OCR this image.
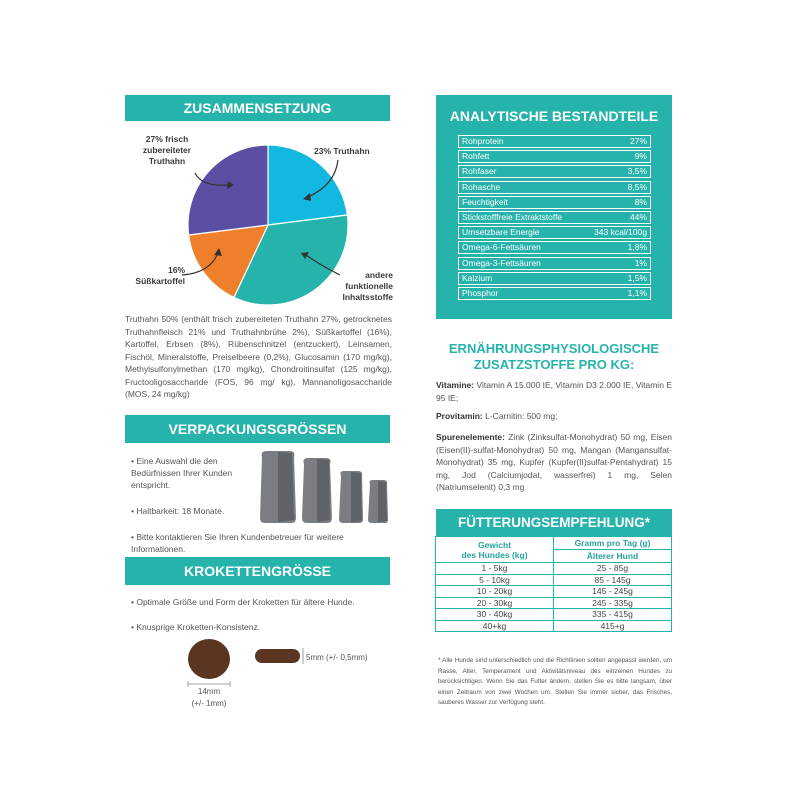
ZUSAMMENSETZUNG
27% frisch
zubereiteter
Truthahn
23% Truthahn
16%
Süßkartoffel
andere
funktionelle
Inhaltsstoffe
Truthahn 50% (enthält frisch zubereiteten Truthahn 27%, getrocknetes Truthahnfleisch 21% und Truthahnbrühe 2%), Süßkartoffel (16%), Kartoffel, Erbsen (8%), Rübenschnitzel (entzuckert), Leinsamen, Fischöl, Mineralstoffe, Preiselbeere (0,2%), Glucosamin (170 mg/kg), Methylsulfonylmethan (170 mg/kg), Chondroitinsulfat (125 mg/kg), Fructooligosaccharide (FOS, 96 mg/ kg), Mannanoligosaccharide (MOS, 24 mg/kg)
VERPACKUNGSGRÖSSEN
• Eine Auswahl die den Bedürfnissen Ihrer Kunden entspricht.
• Haltbarkeit: 18 Monate.
• Bitte kontaktieren Sie Ihren Kundenbetreuer für weitere Informationen.
KROKETTENGRÖSSE
• Optimale Größe und Form der Kroketten für ältere Hunde.
• Knusprige Kroketten-Konsistenz.
5mm (+/- 0,5mm)
14mm
(+/- 1mm)
ANALYTISCHE BESTANDTEILE
Rohprotein	27%
Rohfett	9%
Rohfaser	3,5%
Rohasche	8,5%
Feuchtigkeit	8%
Stickstofffreie Extraktstoffe	44%
Umsetzbare Energie	343 kcal/100g
Omega-6-Fettsäuren	1,8%
Omega-3-Fettsäuren	1%
Kalzium	1,5%
Phosphor	1,1%
ERNÄHRUNGSPHYSIOLOGISCHE
ZUSATZSTOFFE PRO KG:
Vitamine: Vitamin A 15.000 IE, Vitamin D3 2.000 IE, Vitamin E 95 IE;
Provitamin: L-Carnitin: 500 mg;
Spurenelemente: Zink (Zinksulfat-Monohydrat) 50 mg, Eisen (Eisen(II)-sulfat-Monohydrat) 50 mg, Mangan (Mangansulfat-Monohydrat) 35 mg, Kupfer (Kupfer(II)sulfat-Pentahydrat) 15 mg, Jod (Calciumjodat, wasserfrei) 1 mg, Selen (Natriumselenit) 0,3 mg
FÜTTERUNGSEMPFEHLUNG*
Gewicht
des Hundes (kg)	Gramm pro Tag (g)
	Älterer Hund
1 - 5kg	25 - 85g
5 - 10kg	85 - 145g
10 - 20kg	145 - 245g
20 - 30kg	245 - 335g
30 - 40kg	335 - 415g
40+kg	415+g
* Alle Hunde sind unterschiedlich und die Richtlinien sollten angepasst werden, um Rasse, Alter, Temperament und Aktivitätsniveau des einzelnen Hundes zu berücksichtigen. Wenn Sie das Futter ändern, stellen Sie es bitte langsam, über einen Zeitraum von zwei Wochen um. Stellen Sie immer sicher, das Frisches, sauberes Wasser zur Verfügung steht.
